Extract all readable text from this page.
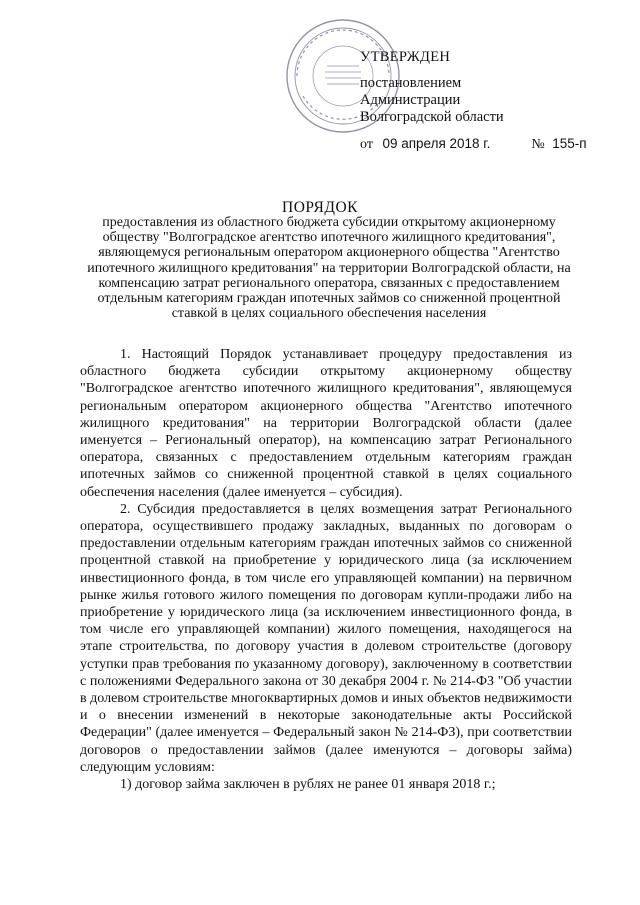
УТВЕРЖДЕН
постановлением
Администрации
Волгоградской области
от 09 апреля 2018 г.	№ 155-п
ПОРЯДОК
предоставления из областного бюджета субсидии открытому акционерному обществу "Волгоградское агентство ипотечного жилищного кредитования", являющемуся региональным оператором акционерного общества "Агентство ипотечного жилищного кредитования" на территории Волгоградской области, на компенсацию затрат регионального оператора, связанных с предоставлением отдельным категориям граждан ипотечных займов со сниженной процентной ставкой в целях социального обеспечения населения

1. Настоящий Порядок устанавливает процедуру предоставления из областного бюджета субсидии открытому акционерному обществу "Волгоградское агентство ипотечного жилищного кредитования", являющемуся региональным оператором акционерного общества "Агентство ипотечного жилищного кредитования" на территории Волгоградской области (далее именуется – Региональный оператор), на компенсацию затрат Регионального оператора, связанных с предоставлением отдельным категориям граждан ипотечных займов со сниженной процентной ставкой в целях социального обеспечения населения (далее именуется – субсидия).

2. Субсидия предоставляется в целях возмещения затрат Регионального оператора, осуществившего продажу закладных, выданных по договорам о предоставлении отдельным категориям граждан ипотечных займов со сниженной процентной ставкой на приобретение у юридического лица (за исключением инвестиционного фонда, в том числе его управляющей компании) на первичном рынке жилья готового жилого помещения по договорам купли-продажи либо на приобретение у юридического лица (за исключением инвестиционного фонда, в том числе его управляющей компании) жилого помещения, находящегося на этапе строительства, по договору участия в долевом строительстве (договору уступки прав требования по указанному договору), заключенному в соответствии с положениями Федерального закона от 30 декабря 2004 г. № 214-ФЗ "Об участии в долевом строительстве многоквартирных домов и иных объектов недвижимости и о внесении изменений в некоторые законодательные акты Российской Федерации" (далее именуется – Федеральный закон № 214-ФЗ), при соответствии договоров о предоставлении займов (далее именуются – договоры займа) следующим условиям:

1) договор займа заключен в рублях не ранее 01 января 2018 г.;
